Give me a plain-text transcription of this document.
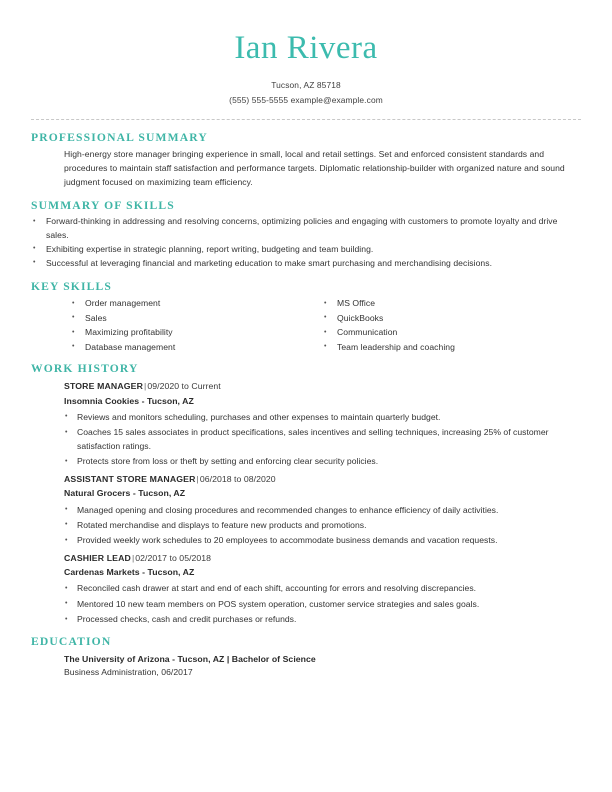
Ian Rivera
Tucson, AZ 85718
(555) 555-5555 example@example.com
PROFESSIONAL SUMMARY
High-energy store manager bringing experience in small, local and retail settings. Set and enforced consistent standards and procedures to maintain staff satisfaction and performance targets. Diplomatic relationship-builder with organized nature and sound judgment focused on maximizing team efficiency.
SUMMARY OF SKILLS
• Forward-thinking in addressing and resolving concerns, optimizing policies and engaging with customers to promote loyalty and drive sales.
• Exhibiting expertise in strategic planning, report writing, budgeting and team building.
• Successful at leveraging financial and marketing education to make smart purchasing and merchandising decisions.
KEY SKILLS
• Order management
• Sales
• Maximizing profitability
• Database management
• MS Office
• QuickBooks
• Communication
• Team leadership and coaching
WORK HISTORY
STORE MANAGER|09/2020 to Current
Insomnia Cookies - Tucson, AZ
• Reviews and monitors scheduling, purchases and other expenses to maintain quarterly budget.
• Coaches 15 sales associates in product specifications, sales incentives and selling techniques, increasing 25% of customer satisfaction ratings.
• Protects store from loss or theft by setting and enforcing clear security policies.
ASSISTANT STORE MANAGER|06/2018 to 08/2020
Natural Grocers - Tucson, AZ
• Managed opening and closing procedures and recommended changes to enhance efficiency of daily activities.
• Rotated merchandise and displays to feature new products and promotions.
• Provided weekly work schedules to 20 employees to accommodate business demands and vacation requests.
CASHIER LEAD|02/2017 to 05/2018
Cardenas Markets - Tucson, AZ
• Reconciled cash drawer at start and end of each shift, accounting for errors and resolving discrepancies.
• Mentored 10 new team members on POS system operation, customer service strategies and sales goals.
• Processed checks, cash and credit purchases or refunds.
EDUCATION
The University of Arizona - Tucson, AZ | Bachelor of Science
Business Administration, 06/2017
